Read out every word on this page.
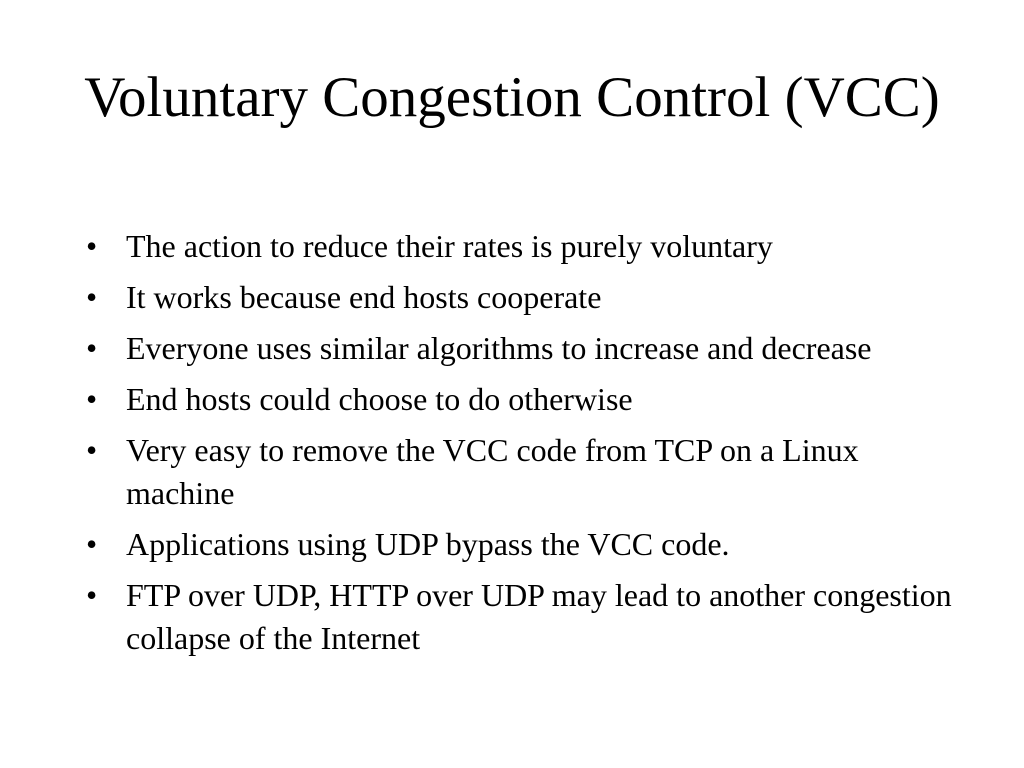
Voluntary Congestion Control (VCC)
• The action to reduce their rates is purely voluntary
• It works because end hosts cooperate
• Everyone uses similar algorithms to increase and decrease
• End hosts could choose to do otherwise
• Very easy to remove the VCC code from TCP on a Linux machine
• Applications using UDP bypass the VCC code.
• FTP over UDP, HTTP over UDP may lead to another congestion collapse of the Internet
